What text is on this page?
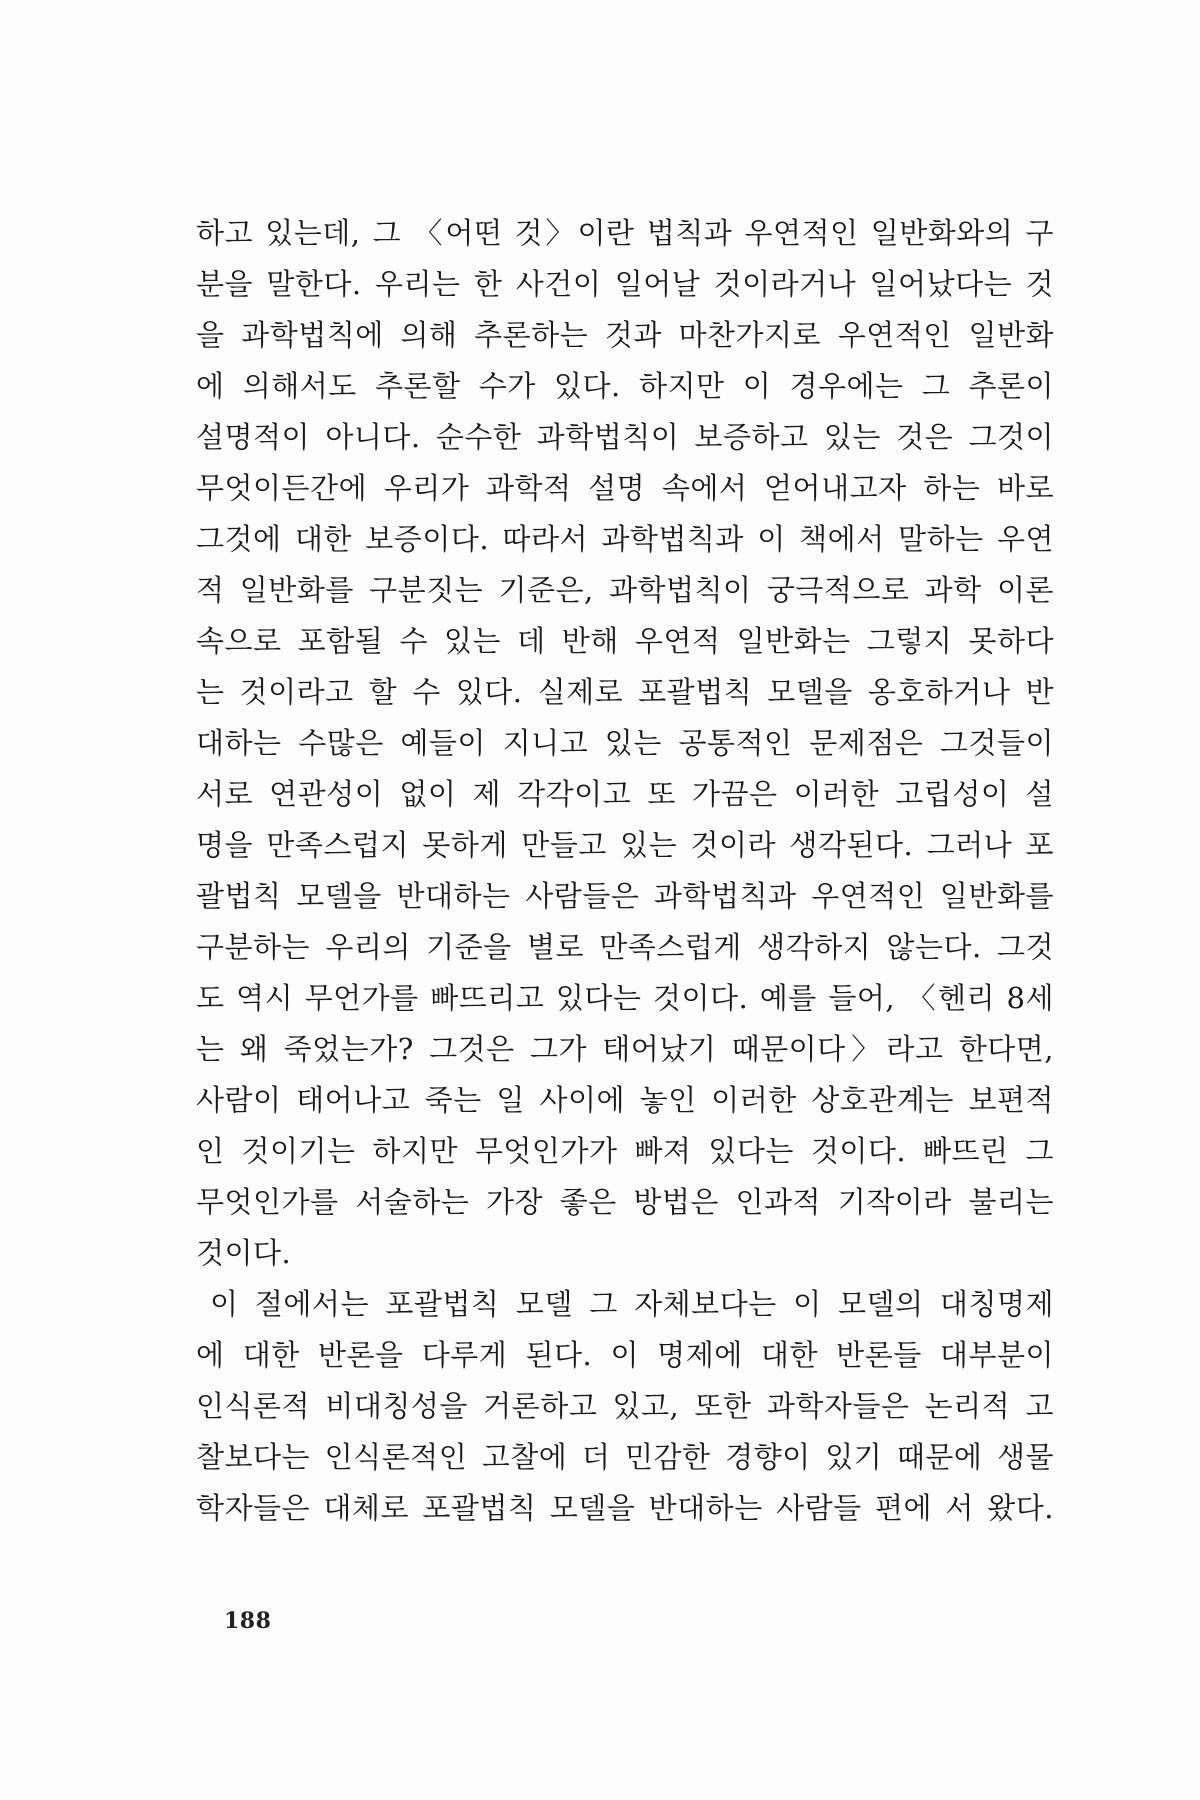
하고 있는데, 그 〈어떤 것〉이란 법칙과 우연적인 일반화와의 구
분을 말한다. 우리는 한 사건이 일어날 것이라거나 일어났다는 것
을 과학법칙에 의해 추론하는 것과 마찬가지로 우연적인 일반화
에 의해서도 추론할 수가 있다. 하지만 이 경우에는 그 추론이
설명적이 아니다. 순수한 과학법칙이 보증하고 있는 것은 그것이
무엇이든간에 우리가 과학적 설명 속에서 얻어내고자 하는 바로
그것에 대한 보증이다. 따라서 과학법칙과 이 책에서 말하는 우연
적 일반화를 구분짓는 기준은, 과학법칙이 궁극적으로 과학 이론
속으로 포함될 수 있는 데 반해 우연적 일반화는 그렇지 못하다
는 것이라고 할 수 있다. 실제로 포괄법칙 모델을 옹호하거나 반
대하는 수많은 예들이 지니고 있는 공통적인 문제점은 그것들이
서로 연관성이 없이 제 각각이고 또 가끔은 이러한 고립성이 설
명을 만족스럽지 못하게 만들고 있는 것이라 생각된다. 그러나 포
괄법칙 모델을 반대하는 사람들은 과학법칙과 우연적인 일반화를
구분하는 우리의 기준을 별로 만족스럽게 생각하지 않는다. 그것
도 역시 무언가를 빠뜨리고 있다는 것이다. 예를 들어, 〈헨리 8세
는 왜 죽었는가? 그것은 그가 태어났기 때문이다〉라고 한다면,
사람이 태어나고 죽는 일 사이에 놓인 이러한 상호관계는 보편적
인 것이기는 하지만 무엇인가가 빠져 있다는 것이다. 빠뜨린 그
무엇인가를 서술하는 가장 좋은 방법은 인과적 기작이라 불리는
것이다.
이 절에서는 포괄법칙 모델 그 자체보다는 이 모델의 대칭명제
에 대한 반론을 다루게 된다. 이 명제에 대한 반론들 대부분이
인식론적 비대칭성을 거론하고 있고, 또한 과학자들은 논리적 고
찰보다는 인식론적인 고찰에 더 민감한 경향이 있기 때문에 생물
학자들은 대체로 포괄법칙 모델을 반대하는 사람들 편에 서 왔다.
188
